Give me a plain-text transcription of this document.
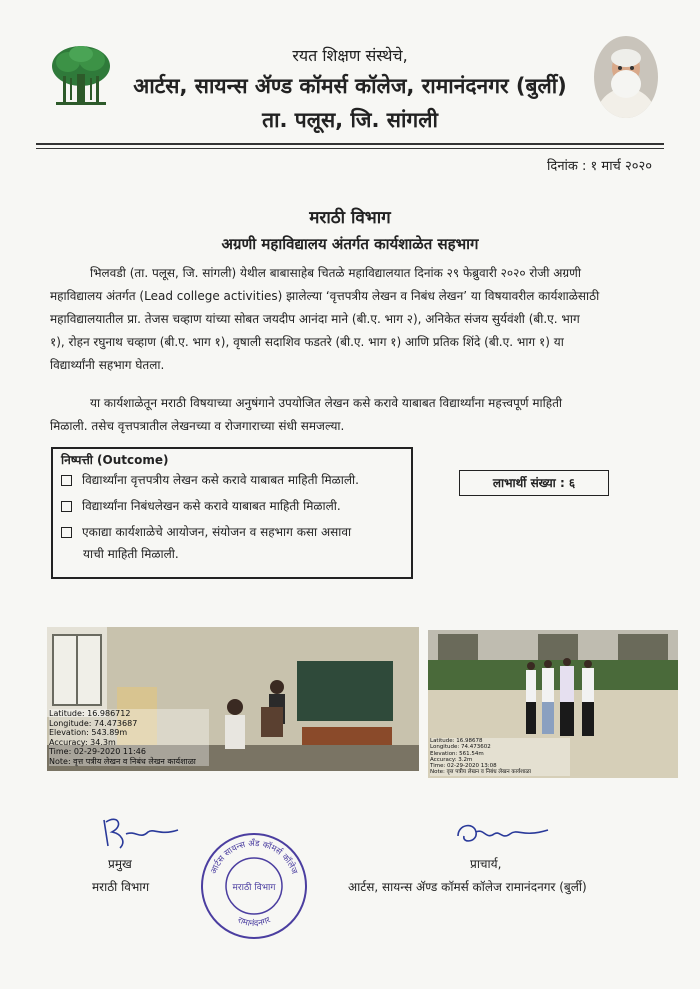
रयत शिक्षण संस्थेचे,
आर्टस, सायन्स ॲण्ड कॉमर्स कॉलेज, रामानंदनगर (बुर्ली)
ता. पलूस, जि. सांगली
दिनांक : १ मार्च २०२०
मराठी विभाग
अग्रणी महाविद्यालय अंतर्गत कार्यशाळेत सहभाग
भिलवडी (ता. पलूस, जि. सांगली) येथील बाबासाहेब चितळे महाविद्यालयात दिनांक २९ फेब्रुवारी २०२० रोजी अग्रणी
महाविद्यालय अंतर्गत (Lead college activities) झालेल्या ‘वृत्तपत्रीय लेखन व निबंध लेखन’ या विषयावरील कार्यशाळेसाठी
महाविद्यालयातील प्रा. तेजस चव्हाण यांच्या सोबत जयदीप आनंदा माने (बी.ए. भाग २), अनिकेत संजय सुर्यवंशी (बी.ए. भाग
१), रोहन रघुनाथ चव्हाण (बी.ए. भाग १), वृषाली सदाशिव फडतरे (बी.ए. भाग १) आणि प्रतिक शिंदे (बी.ए. भाग १) या
विद्यार्थ्यांनी सहभाग घेतला.
या कार्यशाळेतून मराठी विषयाच्या अनुषंगाने उपयोजित लेखन कसे करावे याबाबत विद्यार्थ्यांना महत्त्वपूर्ण माहिती
मिळाली. तसेच वृत्तपत्रातील लेखनच्या व रोजगाराच्या संधी समजल्या.
निष्पत्ती (Outcome)
विद्यार्थ्यांना वृत्तपत्रीय लेखन कसे करावे याबाबत माहिती मिळाली.
विद्यार्थ्यांना निबंधलेखन कसे करावे याबाबत माहिती मिळाली.
एकाद्या कार्यशाळेचे आयोजन, संयोजन व सहभाग कसा असावा
याची माहिती मिळाली.
लाभार्थी संख्या : ६
Latitude: 16.986712
Longitude: 74.473687
Elevation: 543.89m
Accuracy: 34.3m
Time: 02-29-2020 11:46
Note: वृत्त पत्रीय लेखन व निबंध लेखन कार्यशाळा
Latitude: 16.98678
Longitude: 74.473602
Elevation: 561.54m
Accuracy: 3.2m
Time: 02-29-2020 13:08
Note: वृत्त पत्रीय लेखन व निबंध लेखन कार्यशाळा
प्रमुख
मराठी विभाग
आर्टस सायन्स अँड कॉमर्स कॉलेज
रामानंदनगर
मराठी विभाग
प्राचार्य,
आर्टस, सायन्स ॲण्ड कॉमर्स कॉलेज रामानंदनगर (बुर्ली)
